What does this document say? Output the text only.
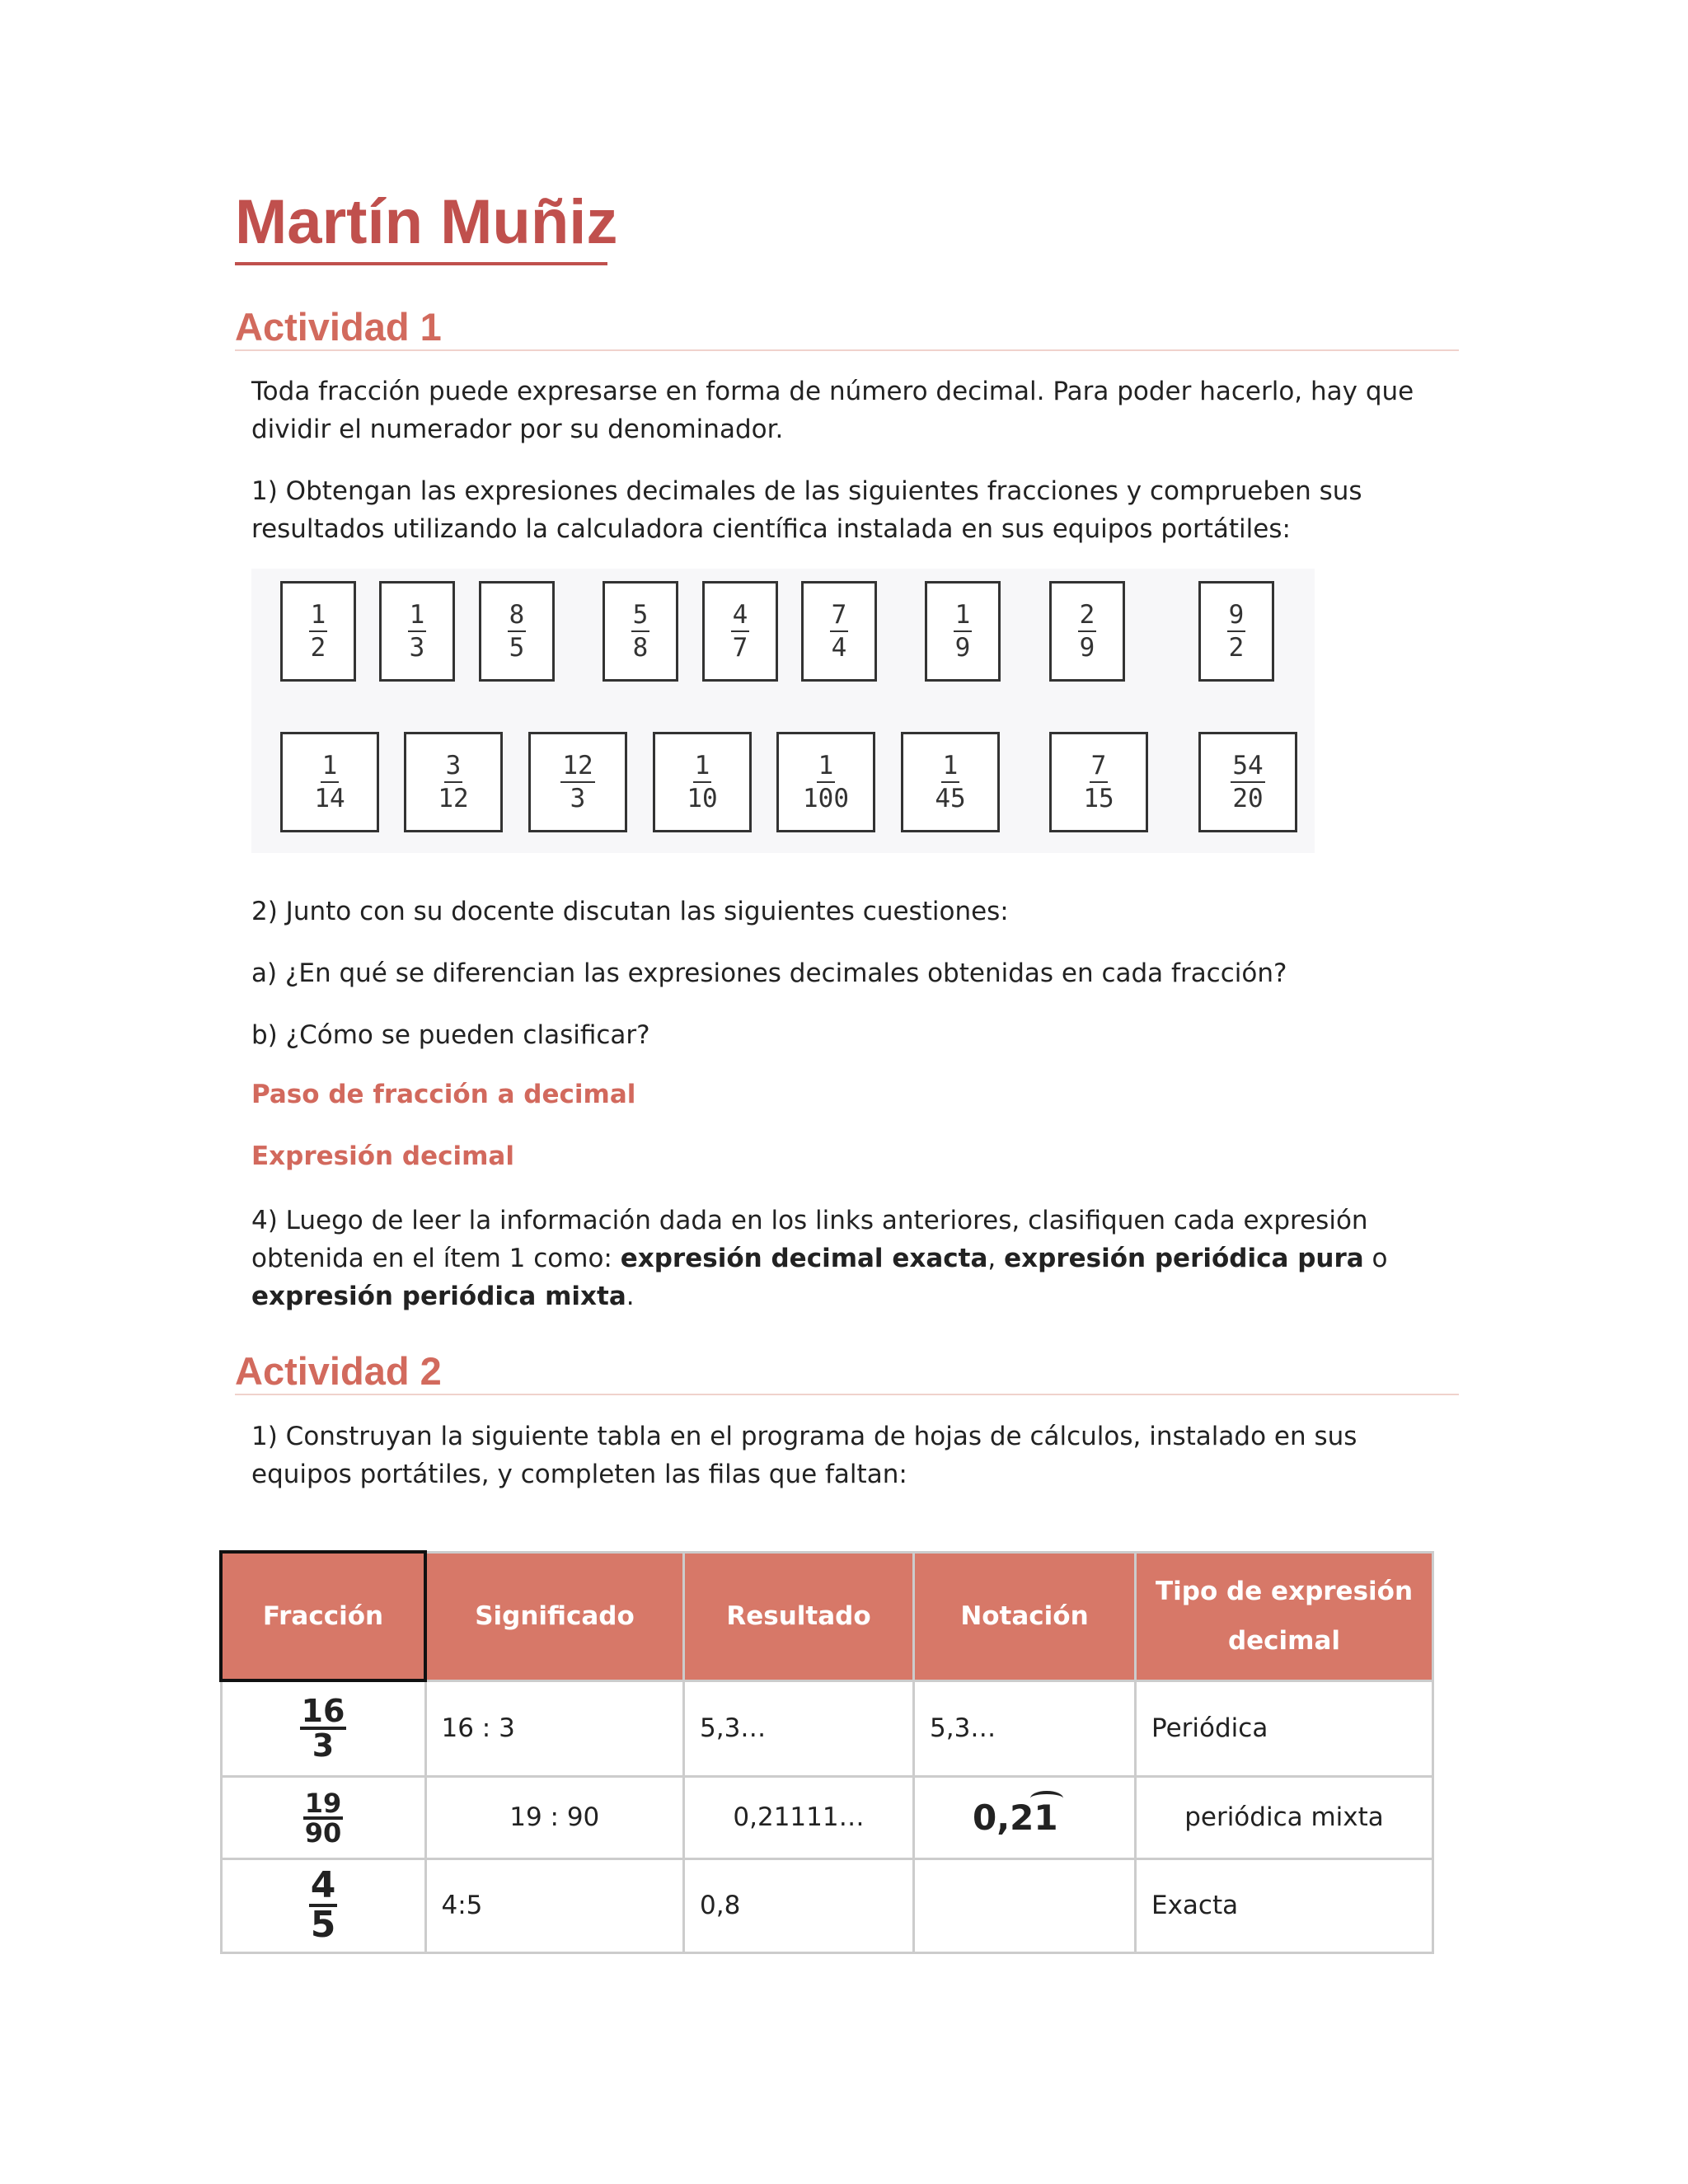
Martín Muñiz
Actividad 1

Toda fracción puede expresarse en forma de número decimal. Para poder hacerlo, hay que dividir el numerador por su denominador.

1) Obtengan las expresiones decimales de las siguientes fracciones y comprueben sus resultados utilizando la calculadora científica instalada en sus equipos portátiles:

$\frac{1}{2} \frac{1}{3} \frac{8}{5} \frac{5}{8} \frac{4}{7} \frac{7}{4} \frac{1}{9} \frac{2}{9}$	$\frac{9}{2}$
$\frac{1}{14} \frac{3}{12} \frac{12}{3} \frac{1}{10} \frac{1}{100} \frac{1}{45} \frac{7}{15} \frac{54}{20}$

2) Junto con su docente discutan las siguientes cuestiones:

a) ¿En qué se diferencian las expresiones decimales obtenidas en cada fracción?

b) ¿Cómo se pueden clasificar?

Paso de fracción a decimal
Expresión decimal

4) Luego de leer la información dada en los links anteriores, clasifiquen cada expresión obtenida en el ítem 1 como: expresión decimal exacta, expresión periódica pura o expresión periódica mixta.

Actividad 2

1) Construyan la siguiente tabla en el programa de hojas de cálculos, instalado en sus equipos portátiles, y completen las filas que faltan:

Fracción	Significado	Resultado	Notación	Tipo de expresión decimal

$\frac{16}{3}$	16 : 3	5,3…	5,3…	Periódica

$\frac{19}{90}$	19 : 90	0,21111…	0,21	periódica mixta

$\frac{4}{5}$	4:5	0,8		Exacta
